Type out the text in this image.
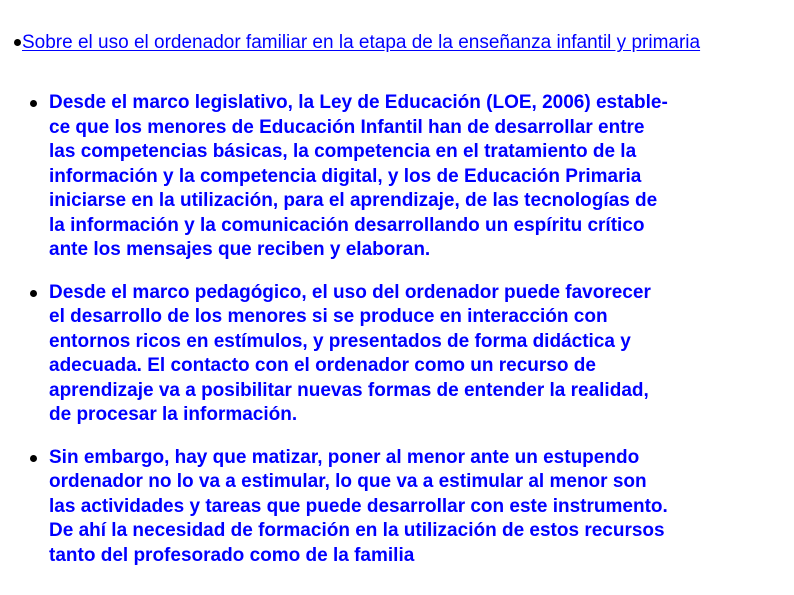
Sobre el uso el ordenador familiar en la etapa de la enseñanza infantil y primaria
Desde el marco legislativo, la Ley de Educación (LOE, 2006) estable-
ce que los menores de Educación Infantil han de desarrollar entre
las competencias básicas, la competencia en el tratamiento de la
información y la competencia digital, y los de Educación Primaria
iniciarse en la utilización, para el aprendizaje, de las tecnologías de
la información y la comunicación desarrollando un espíritu crítico
ante los mensajes que reciben y elaboran.
Desde el marco pedagógico, el uso del ordenador puede favorecer
el desarrollo de los menores si se produce en interacción con
entornos ricos en estímulos, y presentados de forma didáctica y
adecuada. El contacto con el ordenador como un recurso de
aprendizaje va a posibilitar nuevas formas de entender la realidad,
de procesar la información.
Sin embargo, hay que matizar, poner al menor ante un estupendo
ordenador no lo va a estimular, lo que va a estimular al menor son
las actividades y tareas que puede desarrollar con este instrumento.
De ahí la necesidad de formación en la utilización de estos recursos
tanto del profesorado como de la familia
